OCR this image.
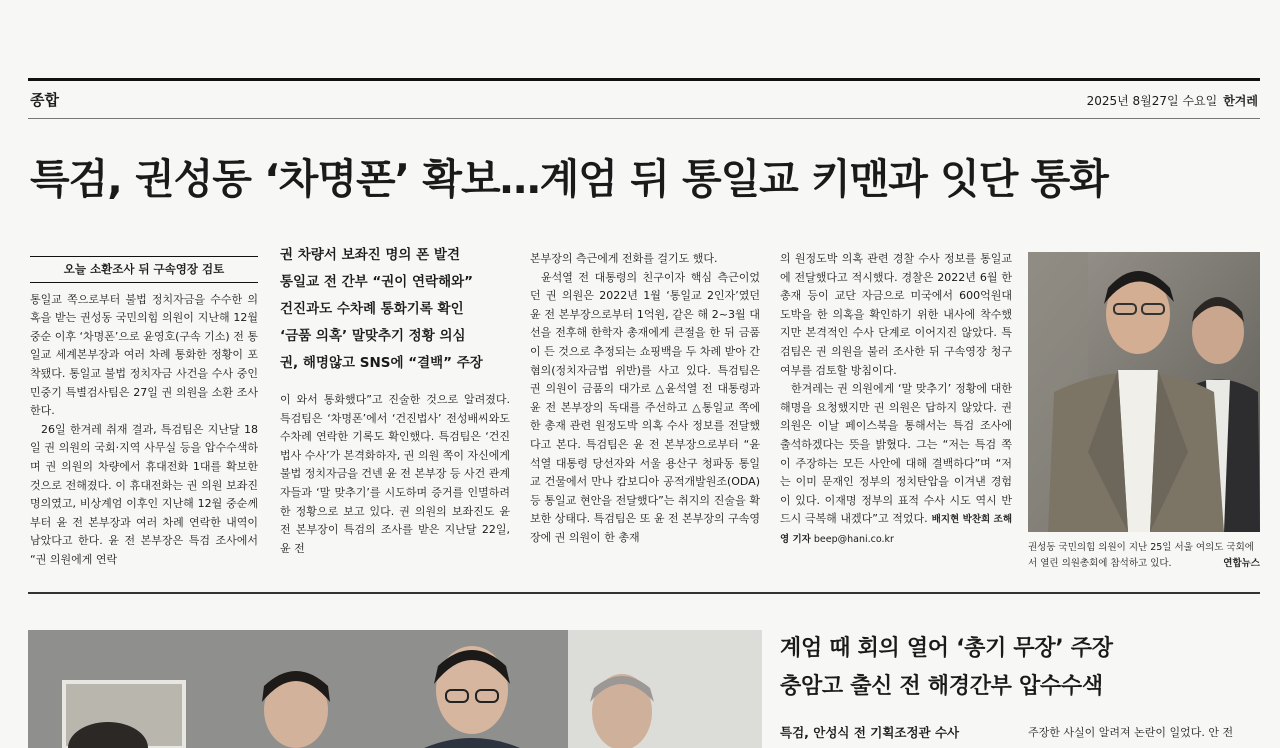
종합	2025년 8월27일 수요일 한겨레
특검, 권성동 ‘차명폰’ 확보…계엄 뒤 통일교 키맨과 잇단 통화
오늘 소환조사 뒤 구속영장 검토

통일교 쪽으로부터 불법 정치자금을 수수한 의혹을 받는 권성동 국민의힘 의원이 지난해 12월 중순 이후 ‘차명폰’으로 윤영호(구속 기소) 전 통일교 세계본부장과 여러 차례 통화한 정황이 포착됐다. 통일교 불법 정치자금 사건을 수사 중인 민중기 특별검사팀은 27일 권 의원을 소환 조사한다.

26일 한겨레 취재 결과, 특검팀은 지난달 18일 권 의원의 국회·지역 사무실 등을 압수수색하며 권 의원의 차량에서 휴대전화 1대를 확보한 것으로 전해졌다. 이 휴대전화는 권 의원 보좌진 명의였고, 비상계엄 이후인 지난해 12월 중순께부터 윤 전 본부장과 여러 차례 연락한 내역이 남았다고 한다. 윤 전 본부장은 특검 조사에서 “권 의원에게 연락

권 차량서 보좌진 명의 폰 발견
통일교 전 간부 “권이 연락해와”
건진과도 수차례 통화기록 확인
‘금품 의혹’ 말맞추기 정황 의심
권, 해명않고 SNS에 “결백” 주장

이 와서 통화했다”고 진술한 것으로 알려졌다. 특검팀은 ‘차명폰’에서 ‘건진법사’ 전성배씨와도 수차례 연락한 기록도 확인했다. 특검팀은 ‘건진법사 수사’가 본격화하자, 권 의원 쪽이 자신에게 불법 정치자금을 건넨 윤 전 본부장 등 사건 관계자들과 ‘말 맞추기’를 시도하며 증거를 인멸하려 한 정황으로 보고 있다. 권 의원의 보좌진도 윤 전 본부장이 특검의 조사를 받은 지난달 22일, 윤 전

본부장의 측근에게 전화를 걸기도 했다.

윤석열 전 대통령의 친구이자 핵심 측근이었던 권 의원은 2022년 1월 ‘통일교 2인자’였던 윤 전 본부장으로부터 1억원, 같은 해 2~3월 대선을 전후해 한학자 총재에게 큰절을 한 뒤 금품이 든 것으로 추정되는 쇼핑백을 두 차례 받아 간 혐의(정치자금법 위반)를 사고 있다. 특검팀은 권 의원이 금품의 대가로 △윤석열 전 대통령과 윤 전 본부장의 독대를 주선하고 △통일교 쪽에 한 총재 관련 원정도박 의혹 수사 정보를 전달했다고 본다. 특검팀은 윤 전 본부장으로부터 “윤석열 대통령 당선자와 서울 용산구 청파동 통일교 건물에서 만나 캄보디아 공적개발원조(ODA) 등 통일교 현안을 전달했다”는 취지의 진술을 확보한 상태다. 특검팀은 또 윤 전 본부장의 구속영장에 권 의원이 한 총재

의 원정도박 의혹 관련 경찰 수사 정보를 통일교에 전달했다고 적시했다. 경찰은 2022년 6월 한 총재 등이 교단 자금으로 미국에서 600억원대 도박을 한 의혹을 확인하기 위한 내사에 착수했지만 본격적인 수사 단계로 이어지진 않았다. 특검팀은 권 의원을 불러 조사한 뒤 구속영장 청구 여부를 검토할 방침이다.

한겨레는 권 의원에게 ‘말 맞추기’ 정황에 대한 해명을 요청했지만 권 의원은 답하지 않았다. 권 의원은 이날 페이스북을 통해서는 특검 조사에 출석하겠다는 뜻을 밝혔다. 그는 “저는 특검 쪽이 주장하는 모든 사안에 대해 결백하다”며 “저는 이미 문재인 정부의 정치탄압을 이겨낸 경험이 있다. 이재명 정부의 표적 수사 시도 역시 반드시 극복해 내겠다”고 적었다. 배지현 박찬희 조해영 기자 beep@hani.co.kr

권성동 국민의힘 의원이 지난 25일 서울 여의도 국회에서 열린 의원총회에 참석하고 있다.	연합뉴스
계엄 때 회의 열어 ‘총기 무장’ 주장
충암고 출신 전 해경간부 압수수색
특검, 안성식 전 기획조정관 수사	주장한 사실이 알려져 논란이 일었다. 안 전
